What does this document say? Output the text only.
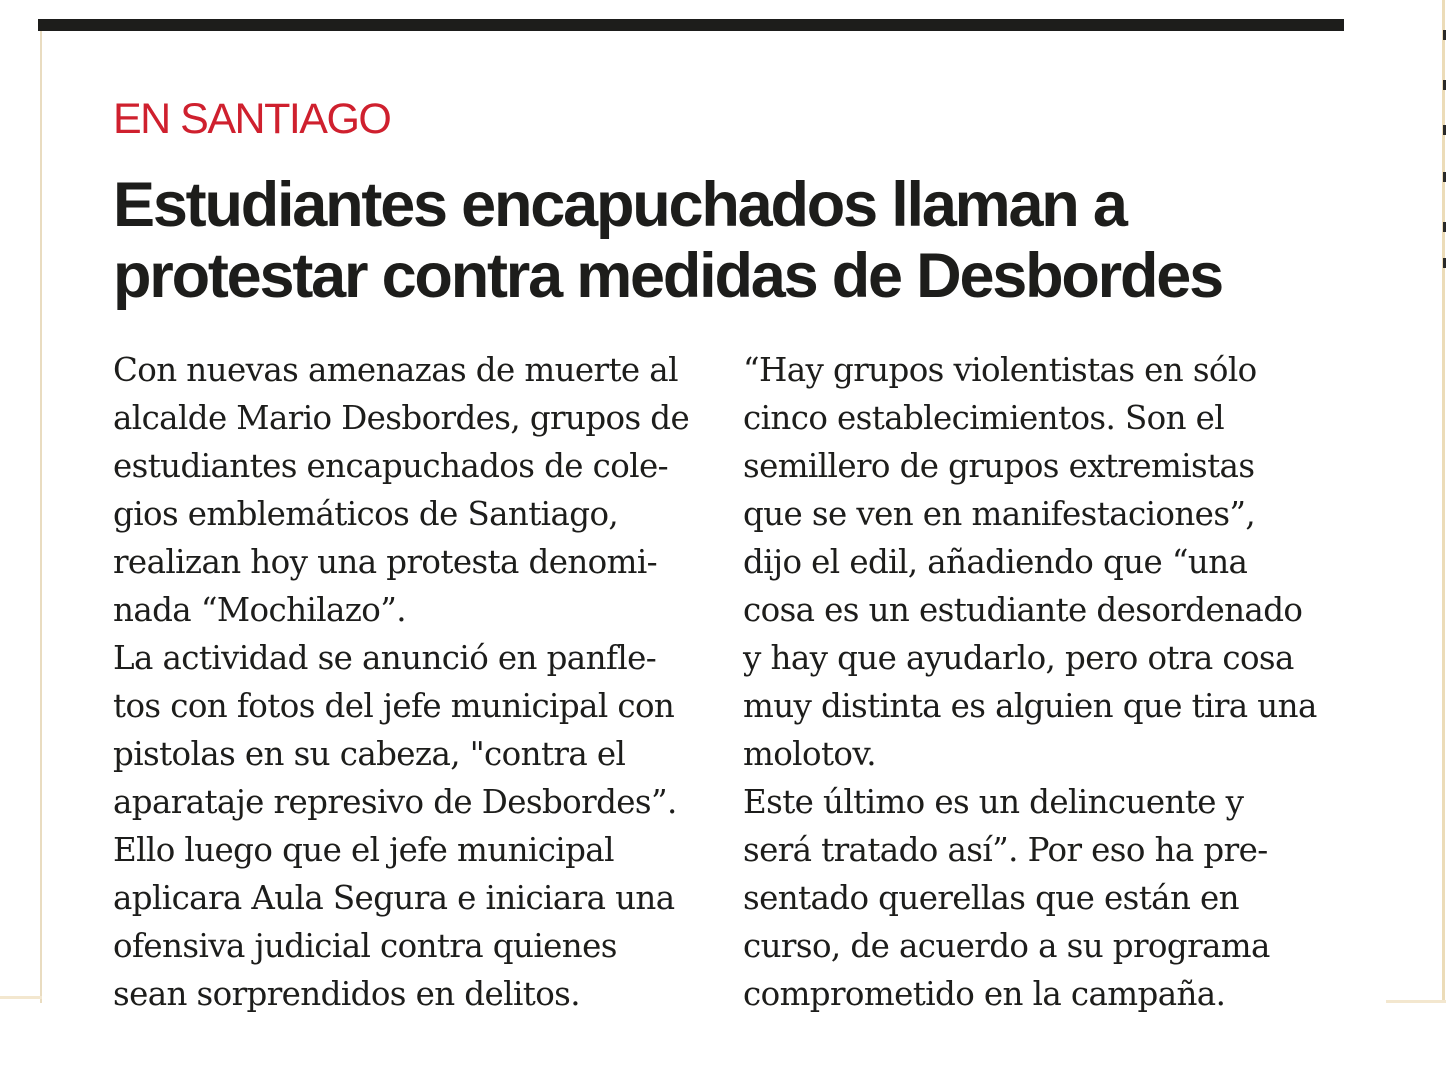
EN SANTIAGO
Estudiantes encapuchados llaman a
protestar contra medidas de Desbordes
Con nuevas amenazas de muerte al
alcalde Mario Desbordes, grupos de
estudiantes encapuchados de cole-
gios emblemáticos de Santiago,
realizan hoy una protesta denomi-
nada “Mochilazo”.
La actividad se anunció en panfle-
tos con fotos del jefe municipal con
pistolas en su cabeza, "contra el
aparataje represivo de Desbordes”.
Ello luego que el jefe municipal
aplicara Aula Segura e iniciara una
ofensiva judicial contra quienes
sean sorprendidos en delitos.
“Hay grupos violentistas en sólo
cinco establecimientos. Son el
semillero de grupos extremistas
que se ven en manifestaciones”,
dijo el edil, añadiendo que “una
cosa es un estudiante desordenado
y hay que ayudarlo, pero otra cosa
muy distinta es alguien que tira una
molotov.
Este último es un delincuente y
será tratado así”. Por eso ha pre-
sentado querellas que están en
curso, de acuerdo a su programa
comprometido en la campaña.
